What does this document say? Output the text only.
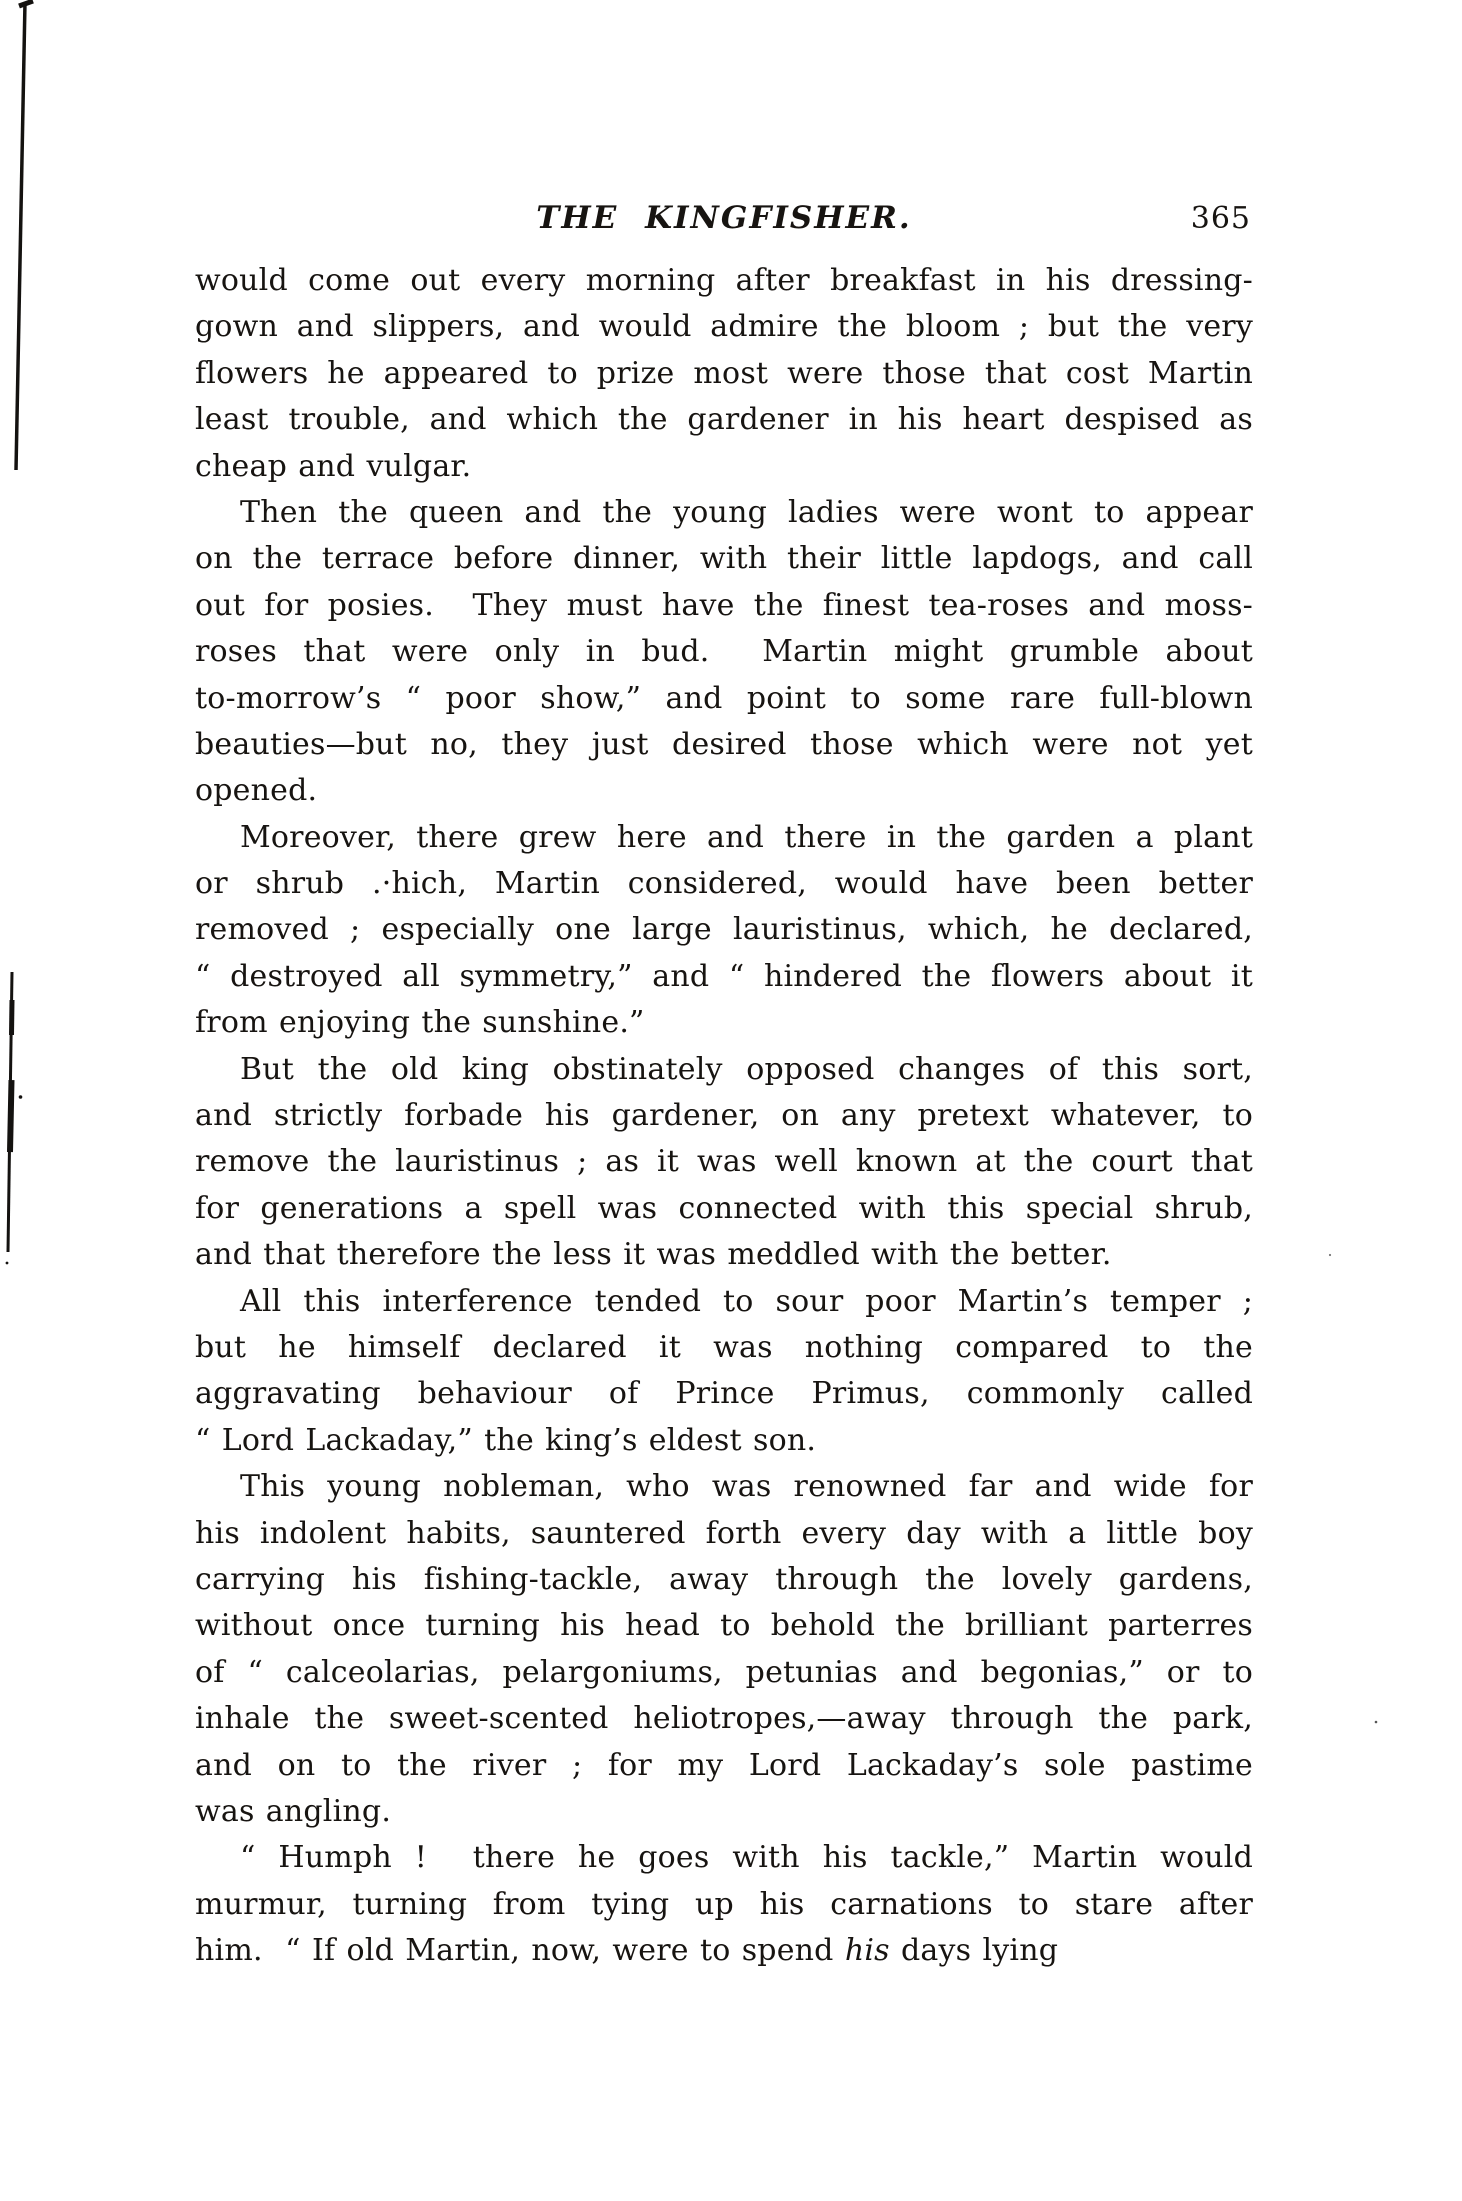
THE KINGFISHER.	365
would come out every morning after breakfast in his dressing-
gown and slippers, and would admire the bloom ; but the very
flowers he appeared to prize most were those that cost Martin
least trouble, and which the gardener in his heart despised as
cheap and vulgar.
Then the queen and the young ladies were wont to appear
on the terrace before dinner, with their little lapdogs, and call
out for posies.  They must have the finest tea-roses and moss-
roses that were only in bud.  Martin might grumble about
to-morrow’s “ poor show,” and point to some rare full-blown
beauties—but no, they just desired those which were not yet
opened.
Moreover, there grew here and there in the garden a plant
or shrub .·hich, Martin considered, would have been better
removed ; especially one large lauristinus, which, he declared,
“ destroyed all symmetry,” and “ hindered the flowers about it
from enjoying the sunshine.”
But the old king obstinately opposed changes of this sort,
and strictly forbade his gardener, on any pretext whatever, to
remove the lauristinus ; as it was well known at the court that
for generations a spell was connected with this special shrub,
and that therefore the less it was meddled with the better.
All this interference tended to sour poor Martin’s temper ;
but he himself declared it was nothing compared to the
aggravating behaviour of Prince Primus, commonly called
“ Lord Lackaday,” the king’s eldest son.
This young nobleman, who was renowned far and wide for
his indolent habits, sauntered forth every day with a little boy
carrying his fishing-tackle, away through the lovely gardens,
without once turning his head to behold the brilliant parterres
of “ calceolarias, pelargoniums, petunias and begonias,” or to
inhale the sweet-scented heliotropes,—away through the park,
and on to the river ; for my Lord Lackaday’s sole pastime
was angling.
“ Humph !  there he goes with his tackle,” Martin would
murmur, turning from tying up his carnations to stare after
him.  “ If old Martin, now, were to spend his days lying
